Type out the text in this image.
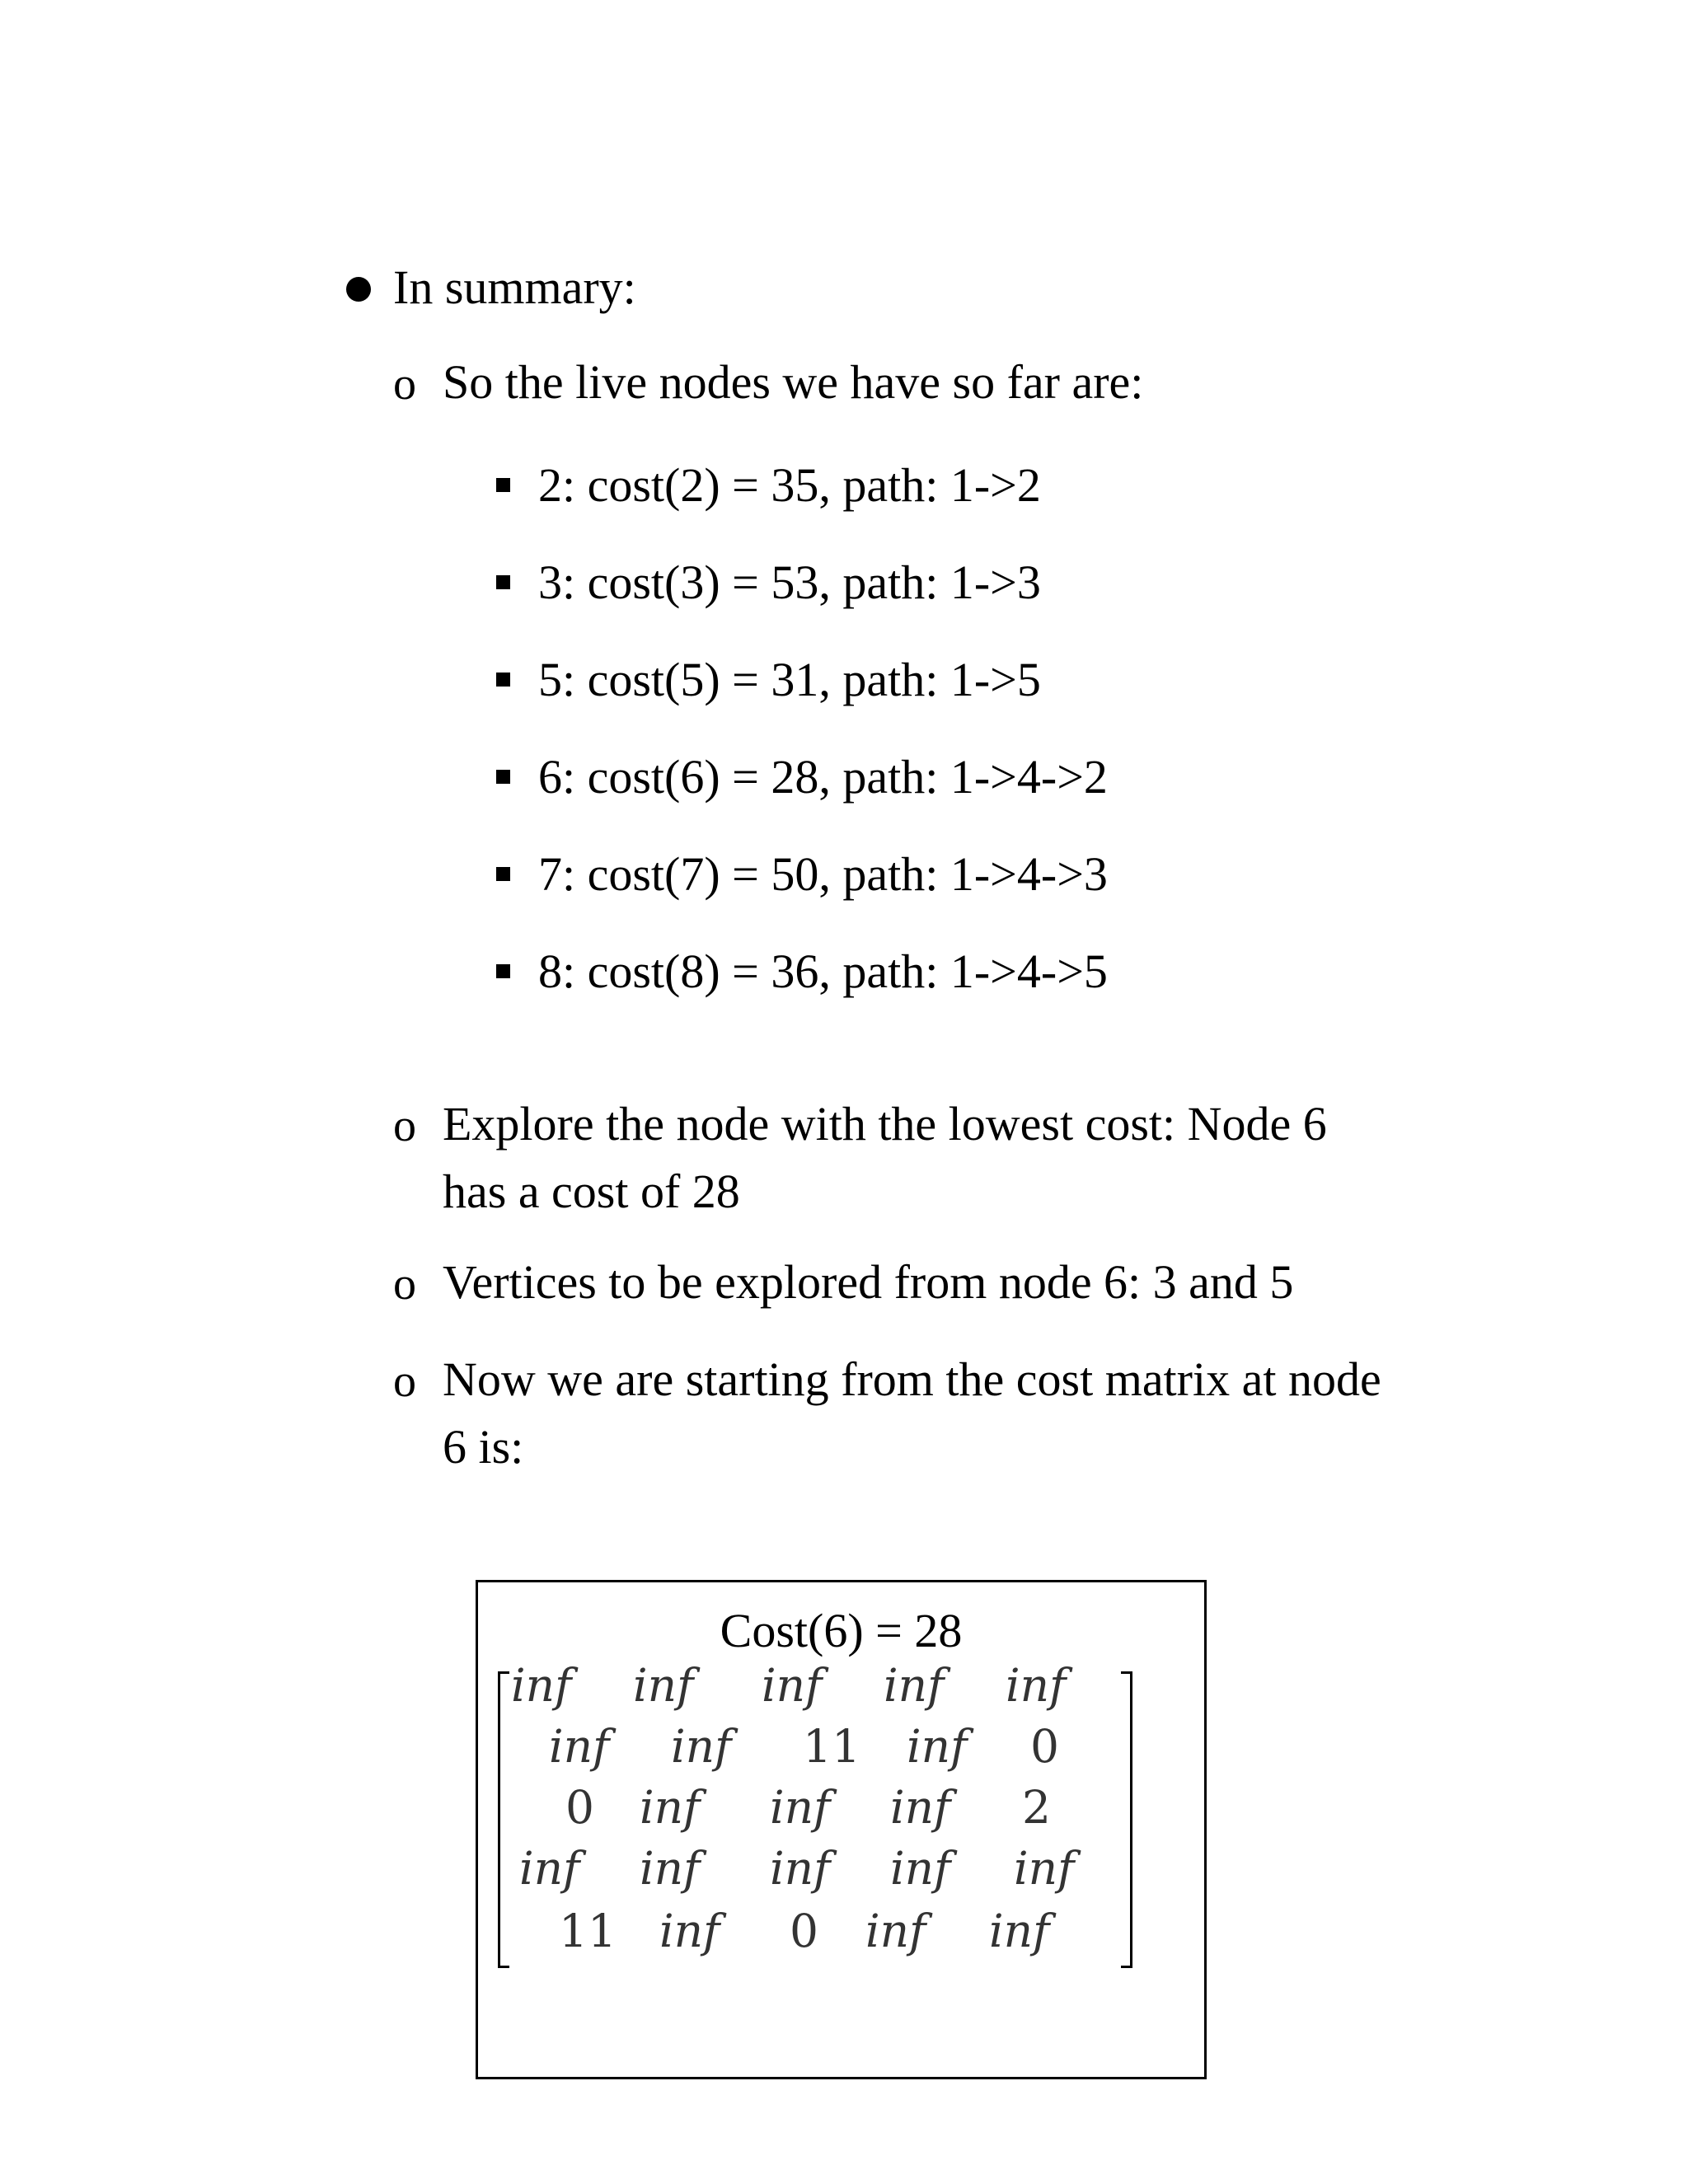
In summary:
o So the live nodes we have so far are:
2: cost(2) = 35, path: 1->2
3: cost(3) = 53, path: 1->3
5: cost(5) = 31, path: 1->5
6: cost(6) = 28, path: 1->4->2
7: cost(7) = 50, path: 1->4->3
8: cost(8) = 36, path: 1->4->5
o Explore the node with the lowest cost: Node 6
has a cost of 28
o Vertices to be explored from node 6: 3 and 5
o Now we are starting from the cost matrix at node
6 is:
Cost(6) = 28
inf inf inf inf inf
inf inf 11 inf 0
0 inf inf inf 2
inf inf inf inf inf
11 inf 0 inf inf
